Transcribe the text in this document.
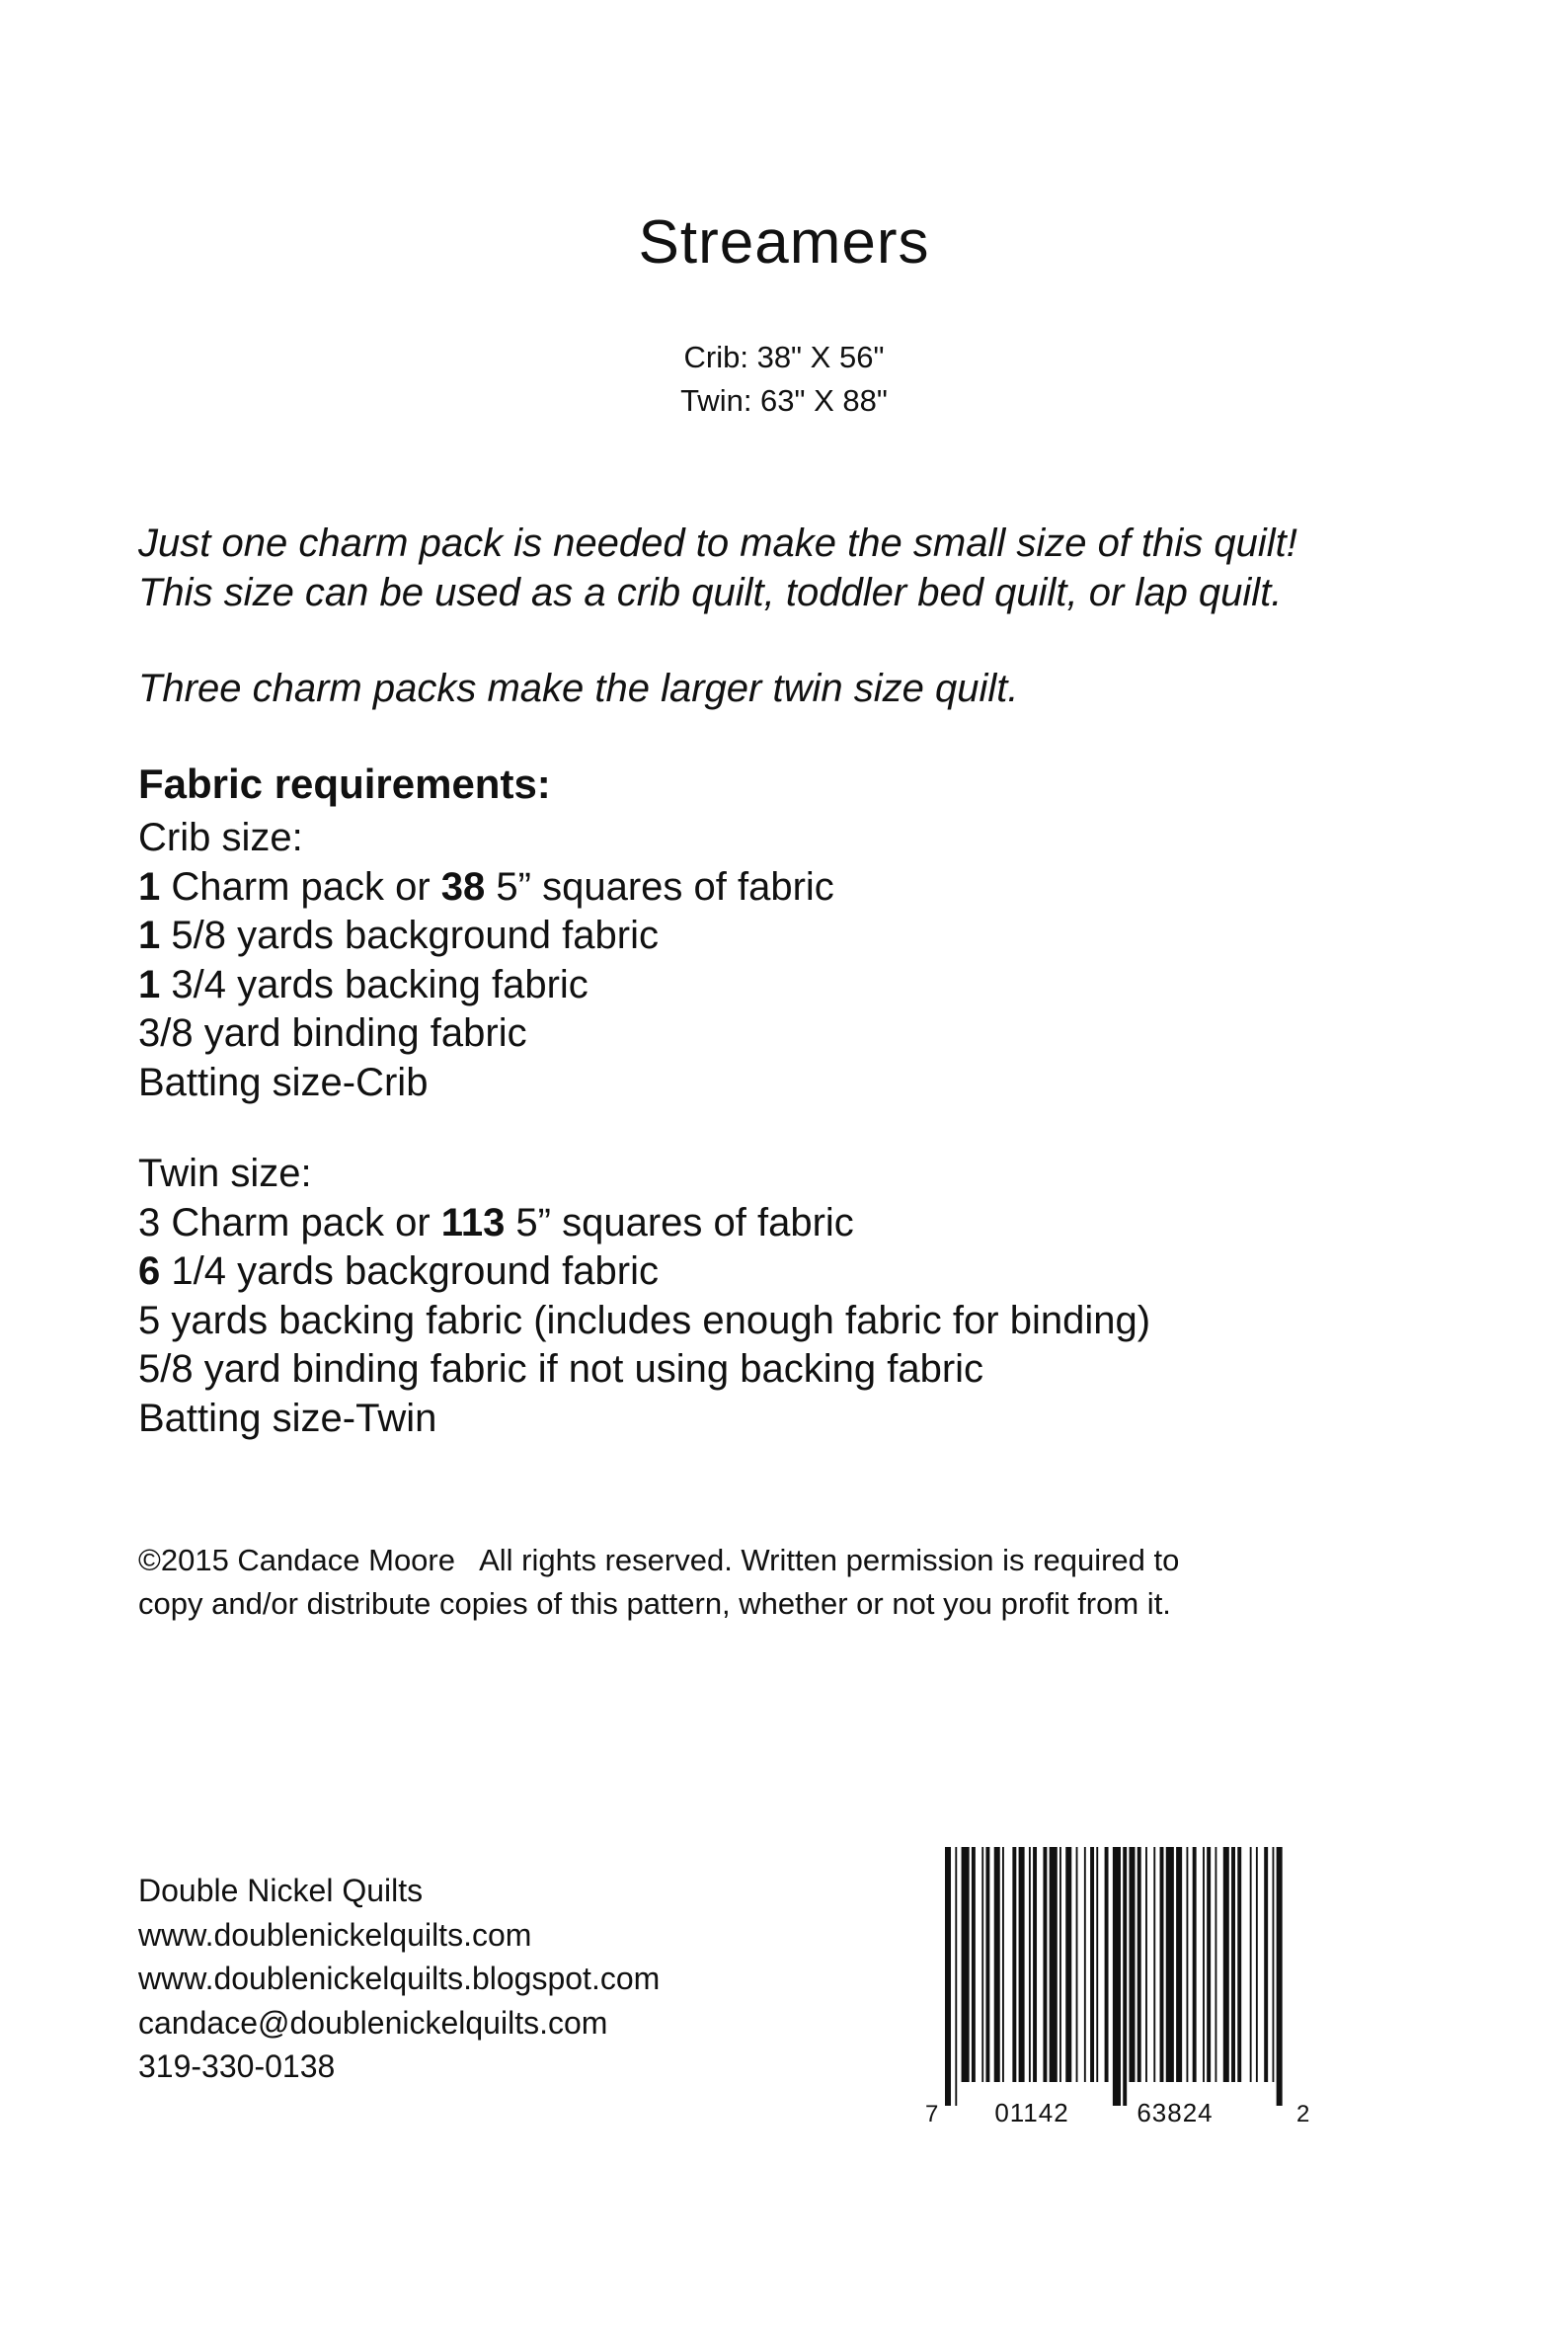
Streamers
Crib: 38" X 56"
Twin: 63" X 88"
Just one charm pack is needed to make the small size of this quilt!
This size can be used as a crib quilt, toddler bed quilt, or lap quilt.
Three charm packs make the larger twin size quilt.
Fabric requirements:
Crib size:
1 Charm pack or 38 5” squares of fabric
1 5/8 yards background fabric
1 3/4 yards backing fabric
3/8 yard binding fabric
Batting size-Crib
Twin size:
3 Charm pack or 113 5” squares of fabric
6 1/4 yards background fabric
5 yards backing fabric (includes enough fabric for binding)
5/8 yard binding fabric if not using backing fabric
Batting size-Twin
©2015 Candace Moore   All rights reserved. Written permission is required to
copy and/or distribute copies of this pattern, whether or not you profit from it.
Double Nickel Quilts
www.doublenickelquilts.com
www.doublenickelquilts.blogspot.com
candace@doublenickelquilts.com
319-330-0138
7 01142	63824	2
